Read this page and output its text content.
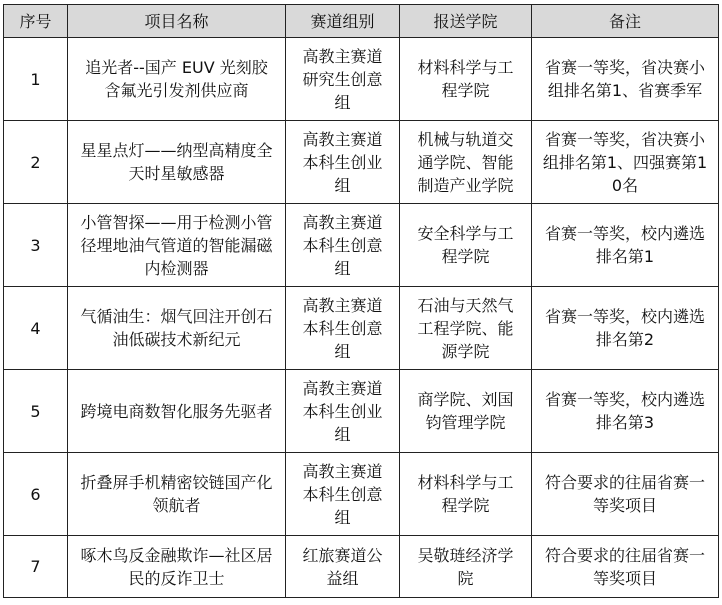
序号	项目名称	赛道组别	报送学院	备注
1	追光者--国产 EUV 光刻胶含氟光引发剂供应商	高教主赛道研究生创意组	材料科学与工程学院	省赛一等奖，省决赛小组排名第1、省赛季军
2	星星点灯——纳型高精度全天时星敏感器	高教主赛道本科生创业组	机械与轨道交通学院、智能制造产业学院	省赛一等奖，省决赛小组排名第1、四强赛第10名
3	小管智探——用于检测小管径埋地油气管道的智能漏磁内检测器	高教主赛道本科生创意组	安全科学与工程学院	省赛一等奖，校内遴选排名第1
4	气循油生：烟气回注开创石油低碳技术新纪元	高教主赛道本科生创意组	石油与天然气工程学院、能源学院	省赛一等奖，校内遴选排名第2
5	跨境电商数智化服务先驱者	高教主赛道本科生创业组	商学院、刘国钧管理学院	省赛一等奖，校内遴选排名第3
6	折叠屏手机精密铰链国产化领航者	高教主赛道本科生创意组	材料科学与工程学院	符合要求的往届省赛一等奖项目
7	啄木鸟反金融欺诈—社区居民的反诈卫士	红旅赛道公益组	吴敬琏经济学院	符合要求的往届省赛一等奖项目
